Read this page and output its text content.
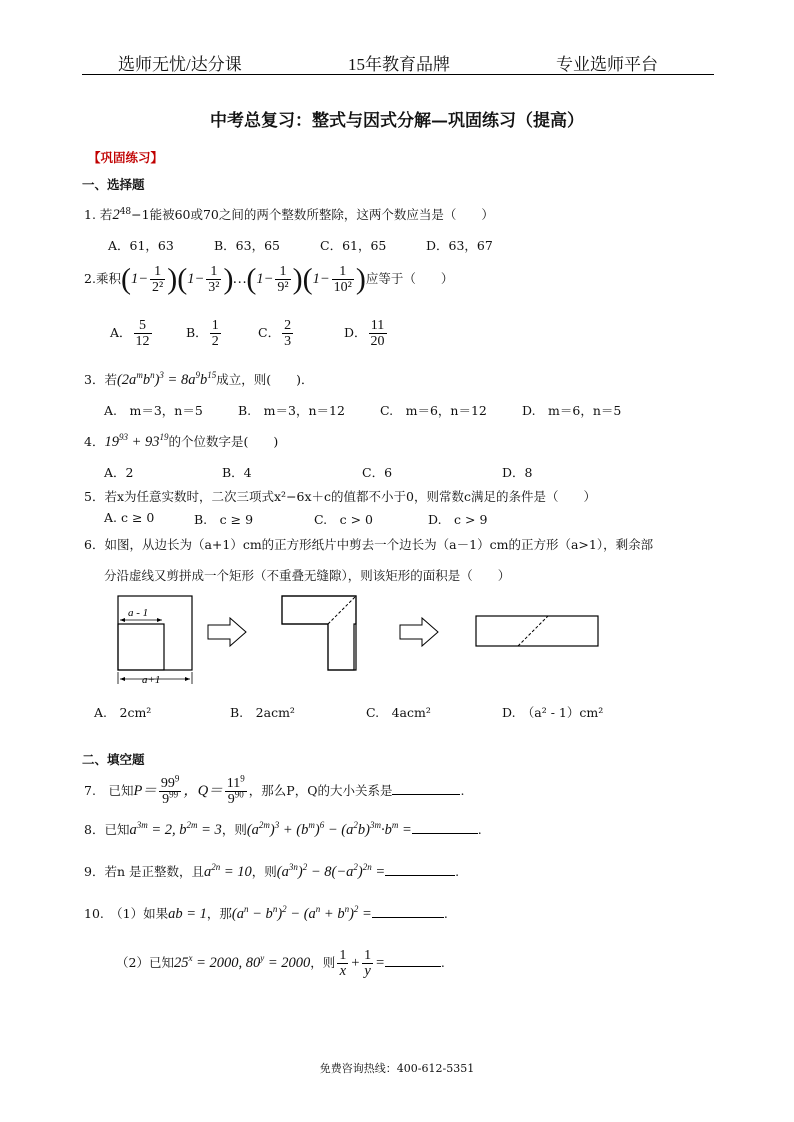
选师无忧/达分课	15年教育品牌	专业选师平台
中考总复习：整式与因式分解—巩固练习（提高）
【巩固练习】
一、选择题
1. 若$2^{48}-1$能被60或70之间的两个整数所整除，这两个数应当是（　　）
A．61，63	B．63，65	C．61，65	D．63，67
2.乘积$(1- \frac{1}{\text{2²}} )(1- \frac{1}{\text{3²}}$ )…(1− $\frac{1}{\text{9²}} )(1- \frac{1}{\text{10²}}$ )应等于（　　）
A． $\frac{5}{12}$	B． $\frac{1}{2}$	C． $\frac{2}{3}$	D． $\frac{11}{20}$
3．若$(2a^mb^n)^3 = 8a^9b^{15}$成立，则(　　)．
A.　m＝3，n＝5	B.　m＝3，n＝12	C.　m＝6，n＝12	D.　m＝6，n＝5
4．$19^{93} + 93^{19}$的个位数字是(　　)
A．2	B．4	C．6	D．8
5．若x为任意实数时，二次三项式x²−6x＋c的值都不小于0，则常数c满足的条件是（　　）
A. c ≥ 0	B.　c ≥ 9	C.　c > 0	D.　c > 9
6．如图，从边长为（a+1）cm的正方形纸片中剪去一个边长为（a－1）cm的正方形（a>1），剩余部
分沿虚线又剪拼成一个矩形（不重叠无缝隙），则该矩形的面积是（　　）
a - 1
a+1
A.　2cm²	B.　2acm²	C.　4acm²	D.　（a² - 1）cm²
二、填空题
7.　已知$P= \frac{99^9}{9^{99}}$ ，$Q= \frac{11^9}{9^{90}}$ ，那么P，Q的大小关系是	.
8．已知$a^{3m} = 2$, $b^{2m} = 3$，则$(a^{2m})^3 + (b^m)^6 - (a^2b)^{3m}\cdot b^m$ =	.
9．若n 是正整数，且$a^{2n} = 10$，则$(a^{3n})^2 - 8(-a^2)^{2n}$ =	.
10.　 （1）如果ab = 1，那$(a^n - b^n)^2 - (a^n + b^n)^2$ =	.
（2）已知$25^x = 2000$, $80^y = 2000$，则 $\frac{1}{x} + \frac{1}{y}$ =	.
免费咨询热线：400-612-5351
